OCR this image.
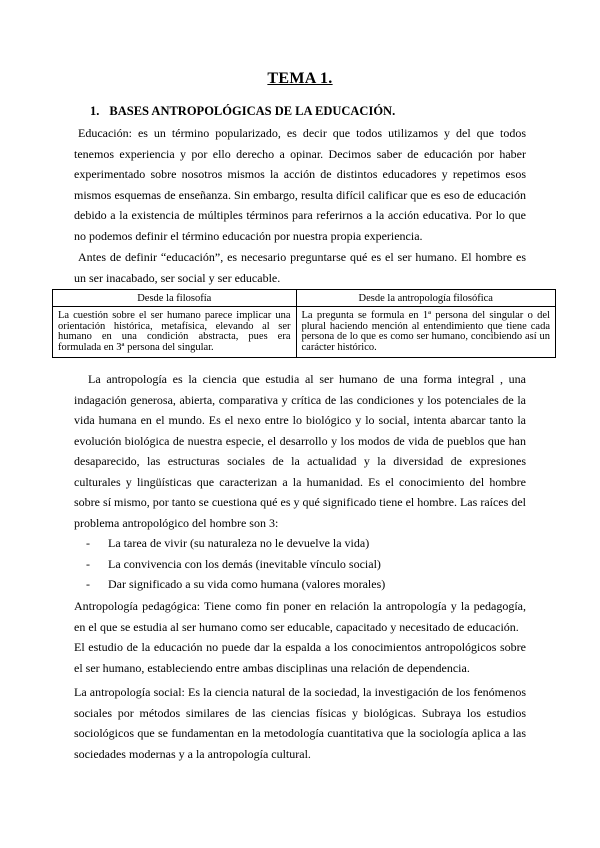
TEMA 1.
1. BASES ANTROPOLÓGICAS DE LA EDUCACIÓN.

Educación: es un término popularizado, es decir que todos utilizamos y del que todos tenemos experiencia y por ello derecho a opinar. Decimos saber de educación por haber experimentado sobre nosotros mismos la acción de distintos educadores y repetimos esos mismos esquemas de enseñanza. Sin embargo, resulta difícil calificar que es eso de educación debido a la existencia de múltiples términos para referirnos a la acción educativa. Por lo que no podemos definir el término educación por nuestra propia experiencia.

Antes de definir “educación”, es necesario preguntarse qué es el ser humano. El hombre es un ser inacabado, ser social y ser educable.

Desde la filosofía	Desde la antropología filosófica
La cuestión sobre el ser humano parece implicar una orientación histórica, metafísica, elevando al ser humano en una condición abstracta, pues era formulada en 3ª persona del singular.	La pregunta se formula en 1ª persona del singular o del plural haciendo mención al entendimiento que tiene cada persona de lo que es como ser humano, concibiendo así un carácter histórico.

La antropología es la ciencia que estudia al ser humano de una forma integral , una indagación generosa, abierta, comparativa y crítica de las condiciones y los potenciales de la vida humana en el mundo. Es el nexo entre lo biológico y lo social, intenta abarcar tanto la evolución biológica de nuestra especie, el desarrollo y los modos de vida de pueblos que han desaparecido, las estructuras sociales de la actualidad y la diversidad de expresiones culturales y lingüísticas que caracterizan a la humanidad. Es el conocimiento del hombre sobre sí mismo, por tanto se cuestiona qué es y qué significado tiene el hombre. Las raíces del problema antropológico del hombre son 3:

- La tarea de vivir (su naturaleza no le devuelve la vida)
- La convivencia con los demás (inevitable vínculo social)
- Dar significado a su vida como humana (valores morales)

Antropología pedagógica: Tiene como fin poner en relación la antropología y la pedagogía, en el que se estudia al ser humano como ser educable, capacitado y necesitado de educación.

El estudio de la educación no puede dar la espalda a los conocimientos antropológicos sobre el ser humano, estableciendo entre ambas disciplinas una relación de dependencia.

La antropología social: Es la ciencia natural de la sociedad, la investigación de los fenómenos sociales por métodos similares de las ciencias físicas y biológicas. Subraya los estudios sociológicos que se fundamentan en la metodología cuantitativa que la sociología aplica a las sociedades modernas y a la antropología cultural.
